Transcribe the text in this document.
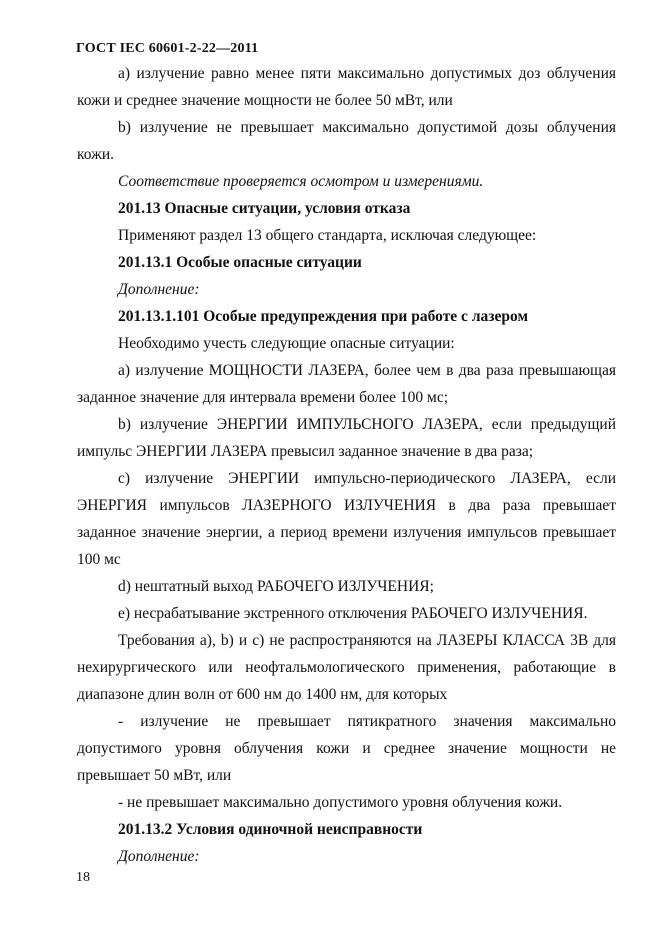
ГОСТ IEC 60601-2-22—2011

a) излучение равно менее пяти максимально допустимых доз облучения кожи и среднее значение мощности не более 50 мВт, или

b) излучение не превышает максимально допустимой дозы облучения кожи.

Соответствие проверяется осмотром и измерениями.

201.13 Опасные ситуации, условия отказа

Применяют раздел 13 общего стандарта, исключая следующее:

201.13.1 Особые опасные ситуации

Дополнение:

201.13.1.101 Особые предупреждения при работе с лазером

Необходимо учесть следующие опасные ситуации:

а) излучение МОЩНОСТИ ЛАЗЕРА, более чем в два раза превышающая заданное значение для интервала времени более 100 мс;

b) излучение ЭНЕРГИИ ИМПУЛЬСНОГО ЛАЗЕРА, если предыдущий импульс ЭНЕРГИИ ЛАЗЕРА превысил заданное значение в два раза;

с) излучение ЭНЕРГИИ импульсно-периодического ЛАЗЕРА, если ЭНЕРГИЯ импульсов ЛАЗЕРНОГО ИЗЛУЧЕНИЯ в два раза превышает заданное значение энергии, а период времени излучения импульсов превышает 100 мс

d) нештатный выход РАБОЧЕГО ИЗЛУЧЕНИЯ;

e) несрабатывание экстренного отключения РАБОЧЕГО ИЗЛУЧЕНИЯ.

Требования а), b) и с) не распространяются на ЛАЗЕРЫ КЛАССА 3B для нехирургического или неофтальмологического применения, работающие в диапазоне длин волн от 600 нм до 1400 нм, для которых

- излучение не превышает пятикратного значения максимально допустимого уровня облучения кожи и среднее значение мощности не превышает 50 мВт, или

- не превышает максимально допустимого уровня облучения кожи.

201.13.2 Условия одиночной неисправности

Дополнение:

18
